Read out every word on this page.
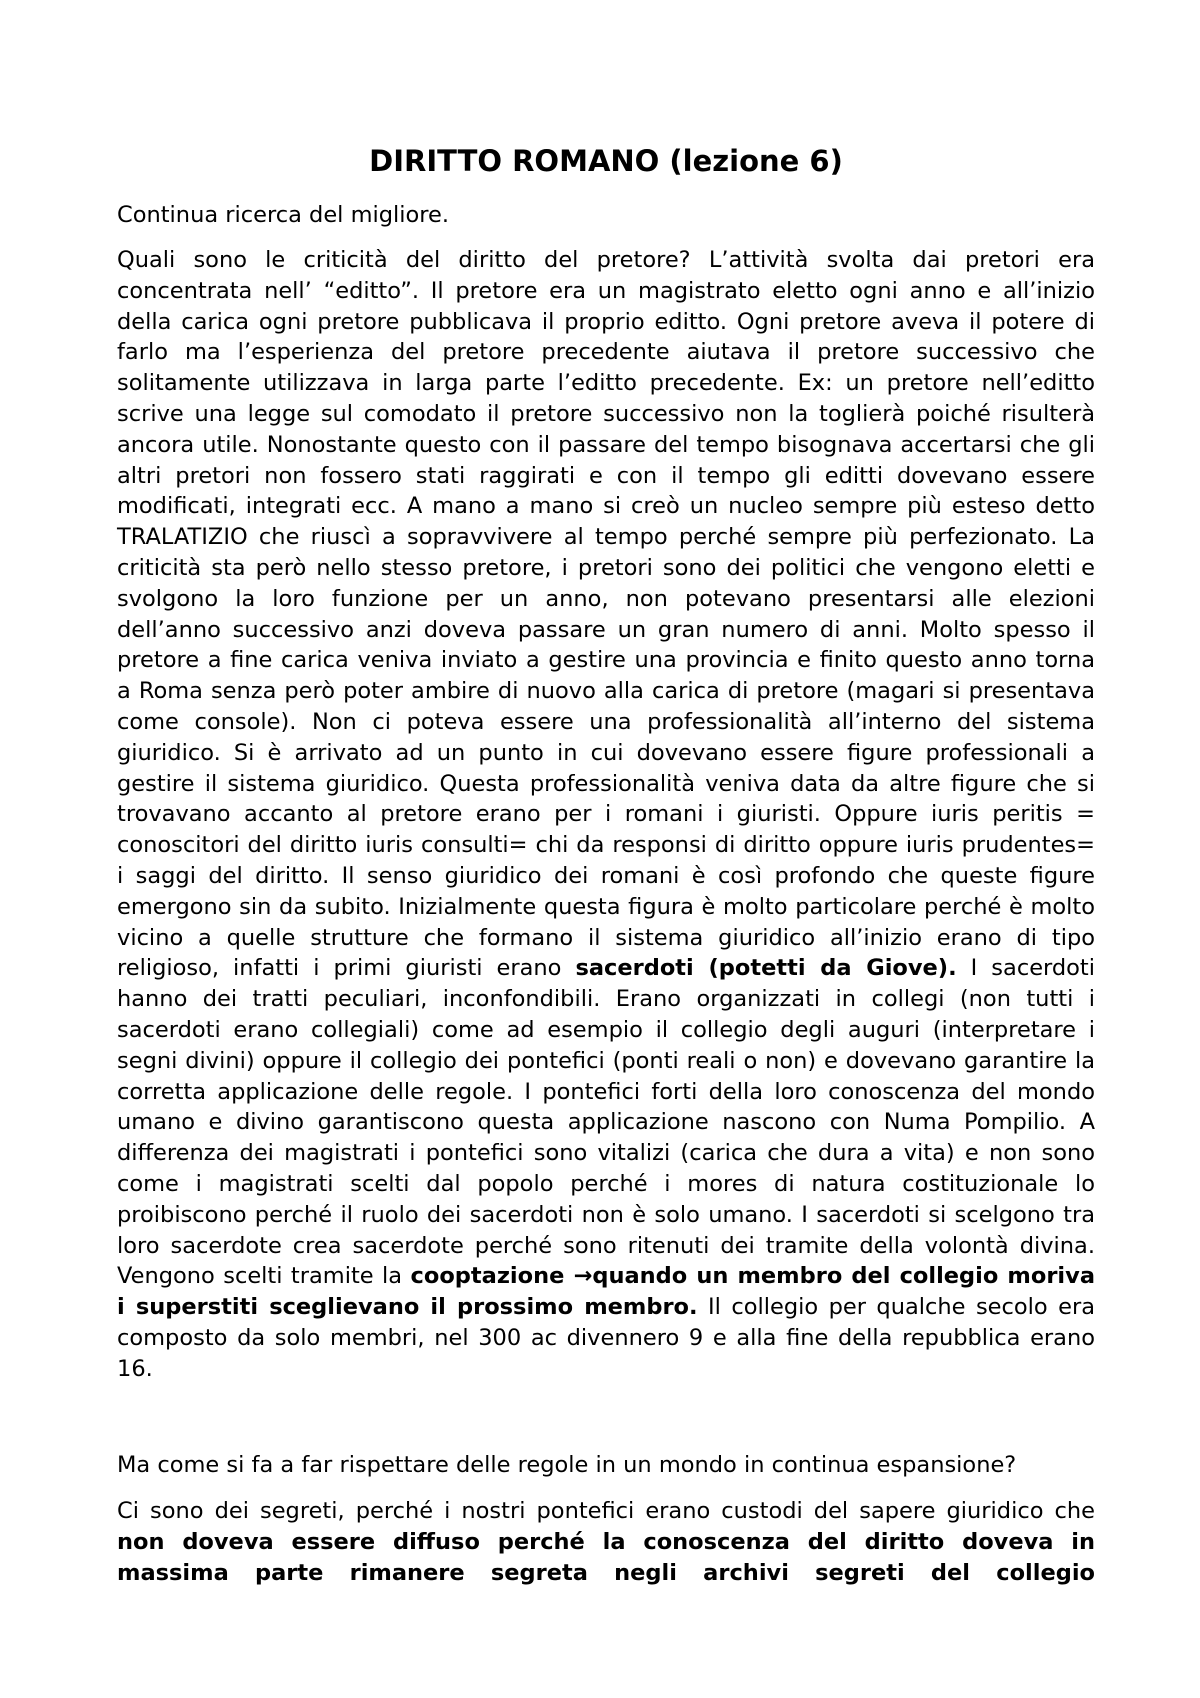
DIRITTO ROMANO (lezione 6)

Continua ricerca del migliore.

Quali sono le criticità del diritto del pretore? L’attività svolta dai pretori era concentrata nell’ “editto”. Il pretore era un magistrato eletto ogni anno e all’inizio della carica ogni pretore pubblicava il proprio editto. Ogni pretore aveva il potere di farlo ma l’esperienza del pretore precedente aiutava il pretore successivo che solitamente utilizzava in larga parte l’editto precedente. Ex: un pretore nell’editto scrive una legge sul comodato il pretore successivo non la toglierà poiché risulterà ancora utile. Nonostante questo con il passare del tempo bisognava accertarsi che gli altri pretori non fossero stati raggirati e con il tempo gli editti dovevano essere modificati, integrati ecc. A mano a mano si creò un nucleo sempre più esteso detto TRALATIZIO che riuscì a sopravvivere al tempo perché sempre più perfezionato. La criticità sta però nello stesso pretore, i pretori sono dei politici che vengono eletti e svolgono la loro funzione per un anno, non potevano presentarsi alle elezioni dell’anno successivo anzi doveva passare un gran numero di anni. Molto spesso il pretore a fine carica veniva inviato a gestire una provincia e finito questo anno torna a Roma senza però poter ambire di nuovo alla carica di pretore (magari si presentava come console). Non ci poteva essere una professionalità all’interno del sistema giuridico. Si è arrivato ad un punto in cui dovevano essere figure professionali a gestire il sistema giuridico. Questa professionalità veniva data da altre figure che si trovavano accanto al pretore erano per i romani i giuristi. Oppure iuris peritis = conoscitori del diritto iuris consulti= chi da responsi di diritto oppure iuris prudentes= i saggi del diritto. Il senso giuridico dei romani è così profondo che queste figure emergono sin da subito. Inizialmente questa figura è molto particolare perché è molto vicino a quelle strutture che formano il sistema giuridico all’inizio erano di tipo religioso, infatti i primi giuristi erano sacerdoti (potetti da Giove). I sacerdoti hanno dei tratti peculiari, inconfondibili. Erano organizzati in collegi (non tutti i sacerdoti erano collegiali) come ad esempio il collegio degli auguri (interpretare i segni divini) oppure il collegio dei pontefici (ponti reali o non) e dovevano garantire la corretta applicazione delle regole. I pontefici forti della loro conoscenza del mondo umano e divino garantiscono questa applicazione nascono con Numa Pompilio. A differenza dei magistrati i pontefici sono vitalizi (carica che dura a vita) e non sono come i magistrati scelti dal popolo perché i mores di natura costituzionale lo proibiscono perché il ruolo dei sacerdoti non è solo umano. I sacerdoti si scelgono tra loro sacerdote crea sacerdote perché sono ritenuti dei tramite della volontà divina. Vengono scelti tramite la cooptazione →quando un membro del collegio moriva i superstiti sceglievano il prossimo membro. Il collegio per qualche secolo era composto da solo membri, nel 300 ac divennero 9 e alla fine della repubblica erano 16.

Ma come si fa a far rispettare delle regole in un mondo in continua espansione?

Ci sono dei segreti, perché i nostri pontefici erano custodi del sapere giuridico che non doveva essere diffuso perché la conoscenza del diritto doveva in massima parte rimanere segreta negli archivi segreti del collegio
